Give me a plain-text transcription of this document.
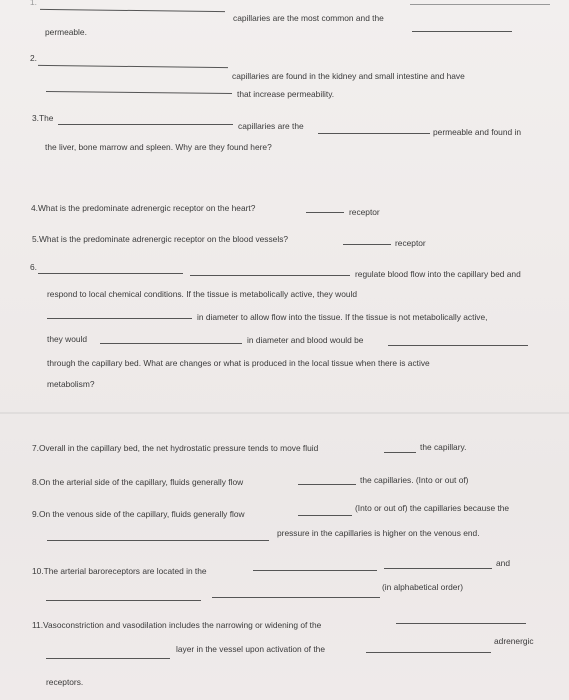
1.
capillaries are the most common and the
permeable.
2.
capillaries are found in the kidney and small intestine and have
that increase permeability.
3.The
capillaries are the
permeable and found in
the liver, bone marrow and spleen. Why are they found here?
4.What is the predominate adrenergic receptor on the heart?	receptor
5.What is the predominate adrenergic receptor on the blood vessels?	receptor
6.
regulate blood flow into the capillary bed and
respond to local chemical conditions. If the tissue is metabolically active, they would
in diameter to allow flow into the tissue. If the tissue is not metabolically active,
they would	in diameter and blood would be
through the capillary bed. What are changes or what is produced in the local tissue when there is active
metabolism?
7.Overall in the capillary bed, the net hydrostatic pressure tends to move fluid	the capillary.
8.On the arterial side of the capillary, fluids generally flow	the capillaries. (Into or out of)
9.On the venous side of the capillary, fluids generally flow
(Into or out of) the capillaries because the
pressure in the capillaries is higher on the venous end.
10.The arterial baroreceptors are located in the
and
(in alphabetical order)
11.Vasoconstriction and vasodilation includes the narrowing or widening of the
adrenergic
layer in the vessel upon activation of the
receptors.
